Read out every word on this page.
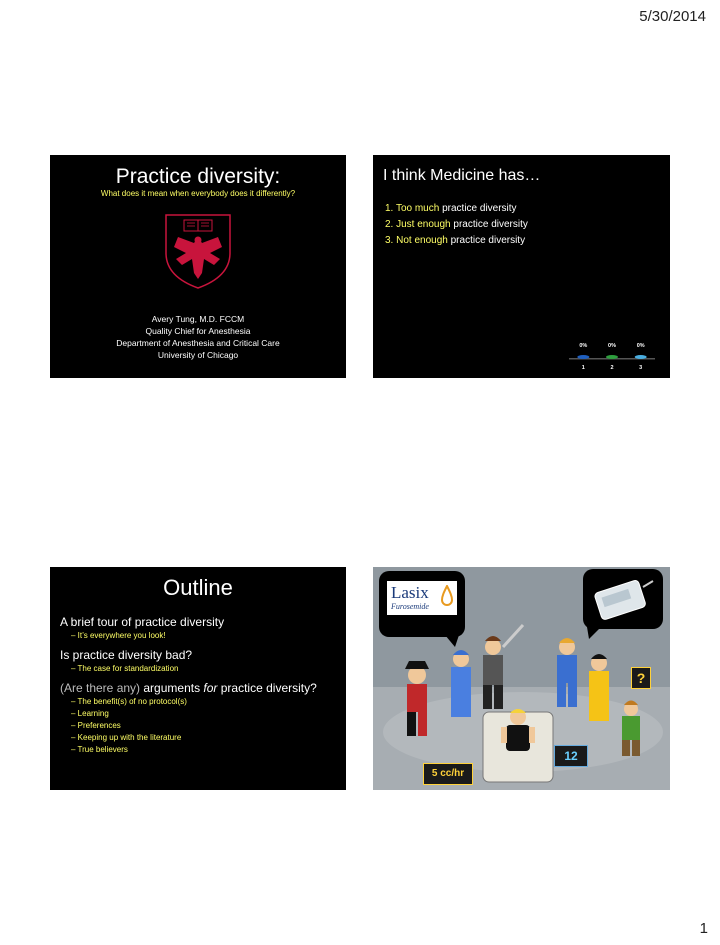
5/30/2014
Practice diversity:
What does it mean when everybody does it differently?
Avery Tung, M.D. FCCM
Quality Chief for Anesthesia
Department of Anesthesia and Critical Care
University of Chicago
I think Medicine has…
1. Too much practice diversity
2. Just enough practice diversity
3. Not enough practice diversity
0%
1
0%
2
0%
3
Outline
A brief tour of practice diversity
– It’s everywhere you look!
Is practice diversity bad?
– The case for standardization
(Are there any) arguments for practice diversity?
– The benefit(s) of no protocol(s)
– Learning
– Preferences
– Keeping up with the literature
– True believers
Lasix
Furosemide
?
12
5 cc/hr
1
